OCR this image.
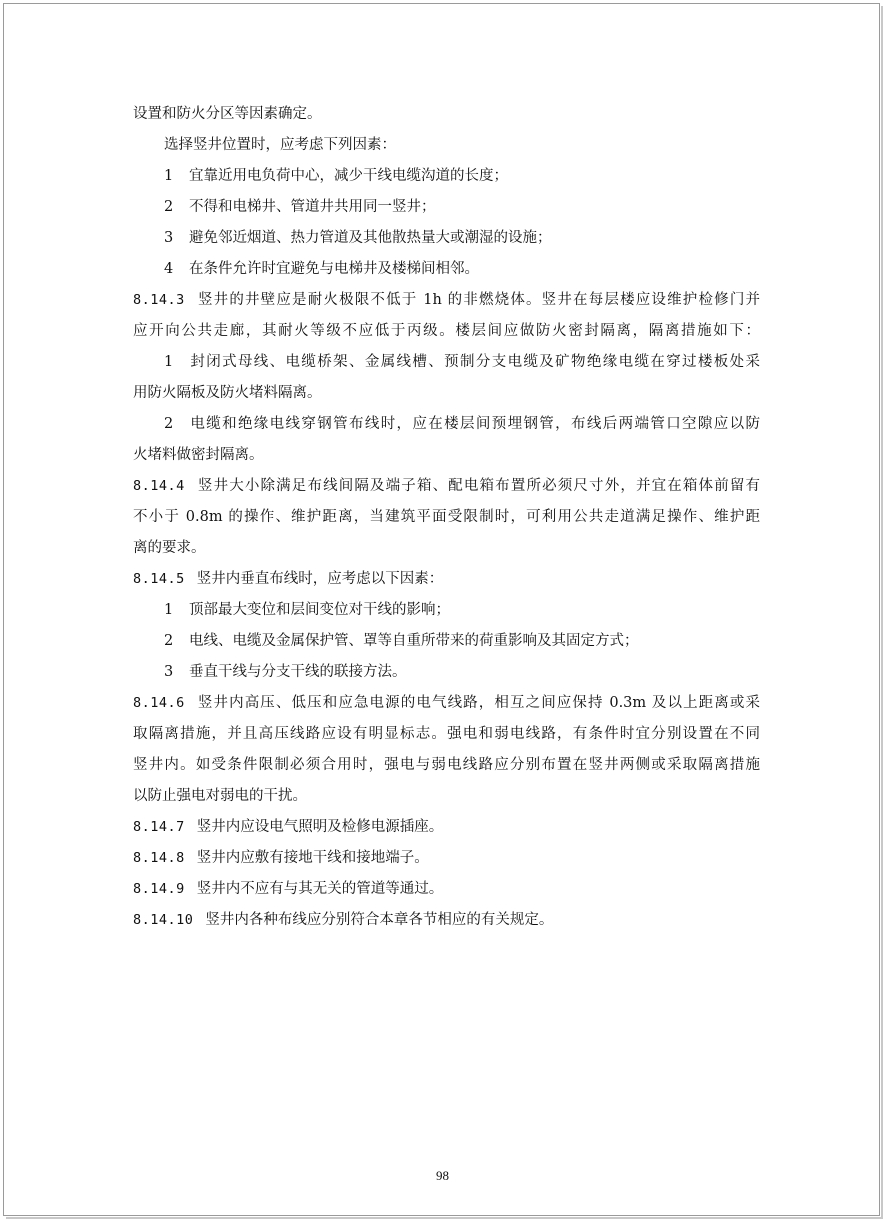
设置和防火分区等因素确定。
选择竖井位置时，应考虑下列因素：
1 宜靠近用电负荷中心，减少干线电缆沟道的长度；
2 不得和电梯井、管道井共用同一竖井；
3 避免邻近烟道、热力管道及其他散热量大或潮湿的设施；
4 在条件允许时宜避免与电梯井及楼梯间相邻。
8.14.3 竖井的井壁应是耐火极限不低于 1h 的非燃烧体。竖井在每层楼应设维护检修门并
应开向公共走廊，其耐火等级不应低于丙级。楼层间应做防火密封隔离，隔离措施如下：
1 封闭式母线、电缆桥架、金属线槽、预制分支电缆及矿物绝缘电缆在穿过楼板处采
用防火隔板及防火堵料隔离。
2 电缆和绝缘电线穿钢管布线时，应在楼层间预埋钢管，布线后两端管口空隙应以防
火堵料做密封隔离。
8.14.4 竖井大小除满足布线间隔及端子箱、配电箱布置所必须尺寸外，并宜在箱体前留有
不小于 0.8m 的操作、维护距离，当建筑平面受限制时，可利用公共走道满足操作、维护距
离的要求。
8.14.5 竖井内垂直布线时，应考虑以下因素：
1 顶部最大变位和层间变位对干线的影响；
2 电线、电缆及金属保护管、罩等自重所带来的荷重影响及其固定方式；
3 垂直干线与分支干线的联接方法。
8.14.6 竖井内高压、低压和应急电源的电气线路，相互之间应保持 0.3m 及以上距离或采
取隔离措施，并且高压线路应设有明显标志。强电和弱电线路，有条件时宜分别设置在不同
竖井内。如受条件限制必须合用时，强电与弱电线路应分别布置在竖井两侧或采取隔离措施
以防止强电对弱电的干扰。
8.14.7 竖井内应设电气照明及检修电源插座。
8.14.8 竖井内应敷有接地干线和接地端子。
8.14.9 竖井内不应有与其无关的管道等通过。
8.14.10 竖井内各种布线应分别符合本章各节相应的有关规定。
98
